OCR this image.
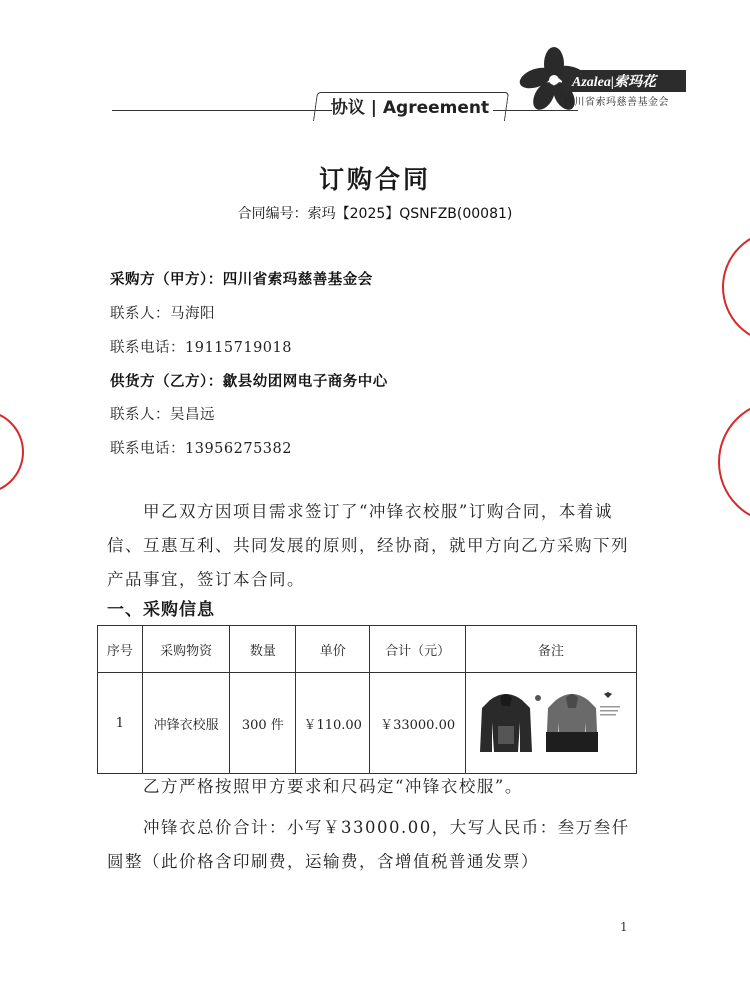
Azalea|索玛花
四川省索玛慈善基金会
协议 | Agreement
订购合同
合同编号：索玛【2025】QSNFZB(00081)
采购方（甲方）：四川省索玛慈善基金会
联系人：马海阳
联系电话：19115719018
供货方（乙方）：歙县幼团网电子商务中心
联系人：吴昌远
联系电话：13956275382
甲乙双方因项目需求签订了“冲锋衣校服”订购合同，本着诚信、互惠互利、共同发展的原则，经协商，就甲方向乙方采购下列产品事宜，签订本合同。
一、采购信息
序号	采购物资	数量	单价	合计（元）	备注
1	冲锋衣校服	300 件	￥110.00	￥33000.00	
乙方严格按照甲方要求和尺码定“冲锋衣校服”。
冲锋衣总价合计：小写￥33000.00，大写人民币：叁万叁仟圆整（此价格含印刷费，运输费，含增值税普通发票）
1
